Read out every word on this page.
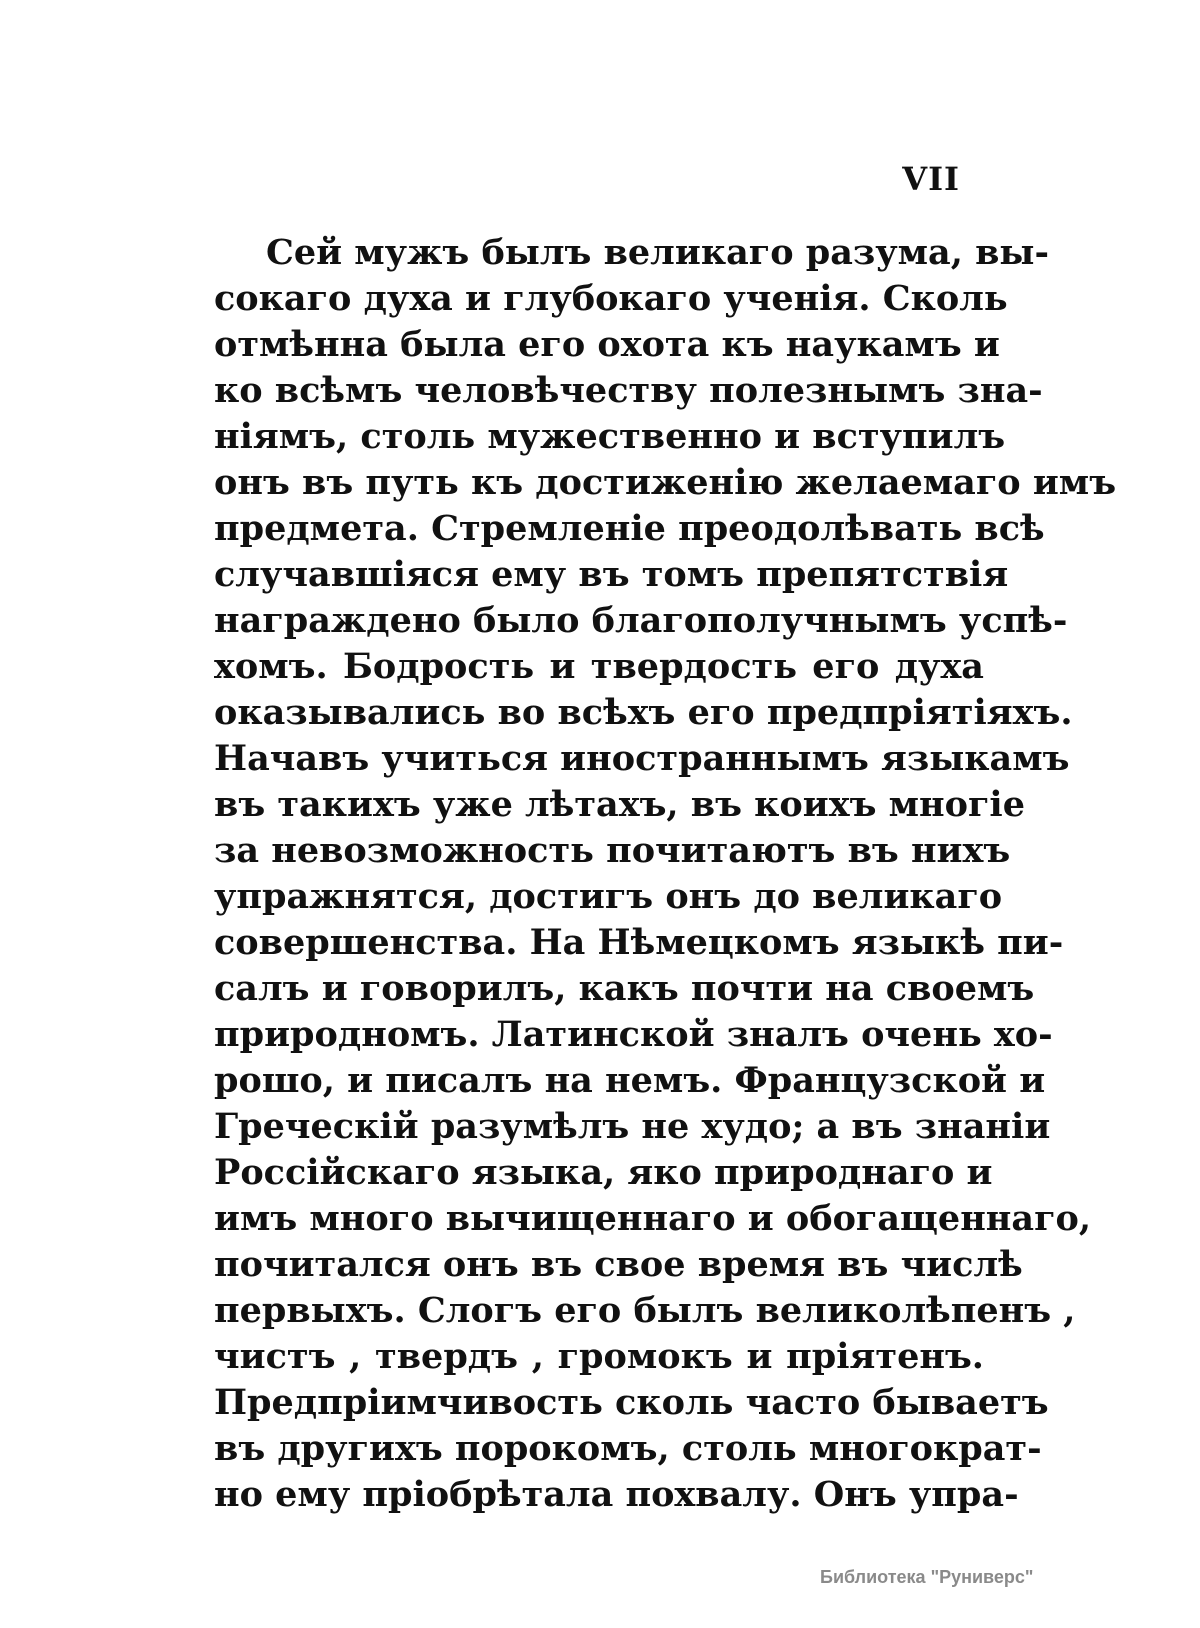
VII
Сей мужъ былъ великаго разума, вы-
сокаго духа и глубокаго ученія. Сколь
отмѣнна была его охота къ наукамъ и
ко всѣмъ человѣчеству полезнымъ зна-
ніямъ, столь мужественно и вступилъ
онъ въ путь къ достиженію желаемаго имъ
предмета. Стремленіе преодолѣвать всѣ
случавшіяся ему въ томъ препятствія
награждено было благополучнымъ успѣ-
хомъ. Бодрость и твердость его духа
оказывались во всѣхъ его предпріятіяхъ.
Начавъ учиться иностраннымъ языкамъ
въ такихъ уже лѣтахъ, въ коихъ многіе
за невозможность почитаютъ въ нихъ
упражнятся, достигъ онъ до великаго
совершенства. На Нѣмецкомъ языкѣ пи-
салъ и говорилъ, какъ почти на своемъ
природномъ. Латинской зналъ очень хо-
рошо, и писалъ на немъ. Французской и
Греческій разумѣлъ не худо; а въ знаніи
Россійскаго языка, яко природнаго и
имъ много вычищеннаго и обогащеннаго,
почитался онъ въ свое время въ числѣ
первыхъ. Слогъ его былъ великолѣпенъ ,
чистъ , твердъ , громокъ и пріятенъ.
Предпріимчивость сколь часто бываетъ
въ другихъ порокомъ, столь многократ-
но ему пріобрѣтала похвалу. Онъ упра-
Библиотека "Руниверс"
